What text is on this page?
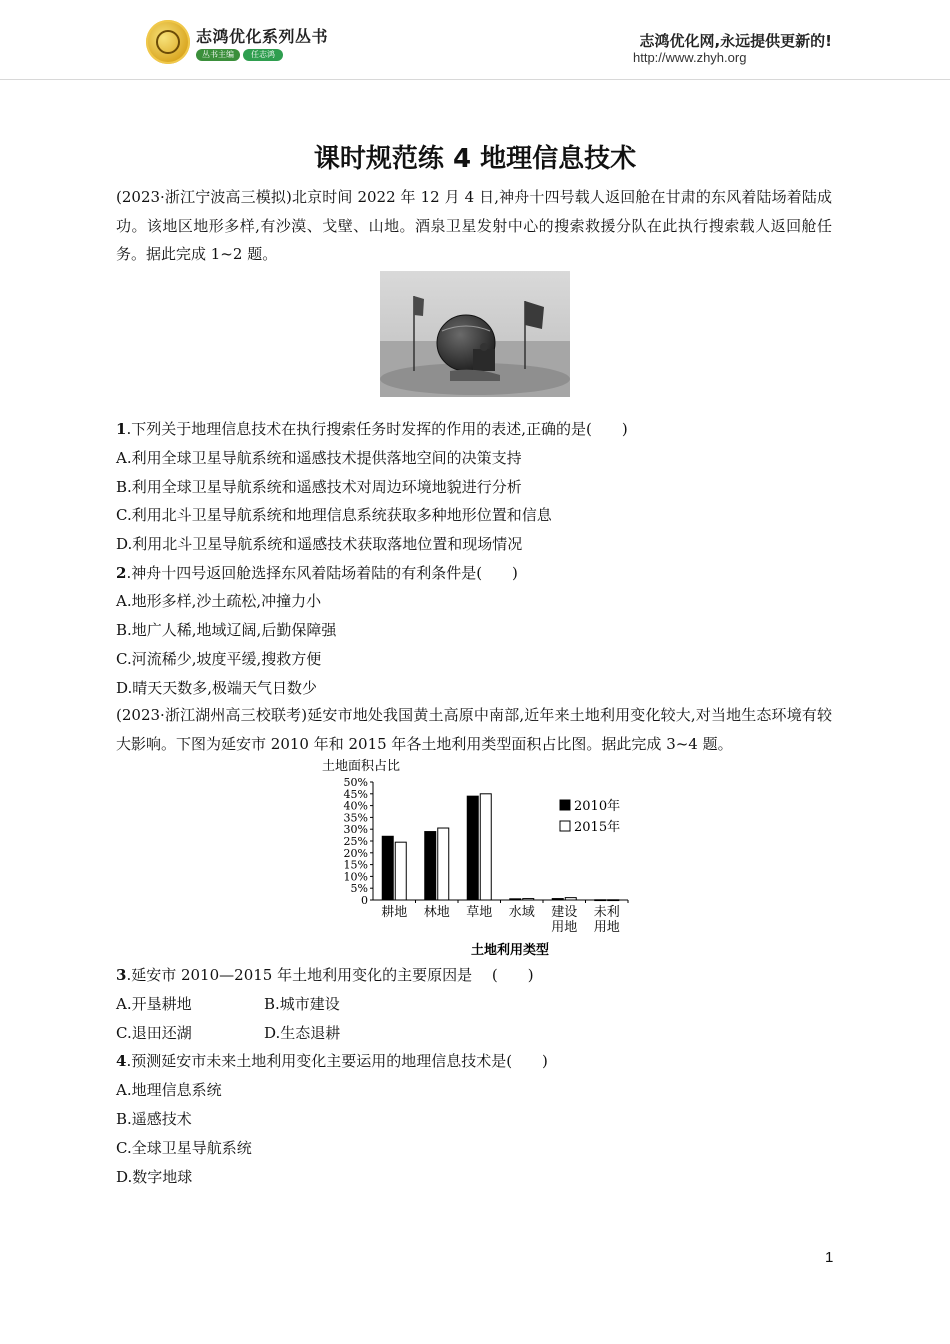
志鸿优化系列丛书
丛书主编	任志鸿
志鸿优化网,永远提供更新的!
http://www.zhyh.org
课时规范练 4 地理信息技术
(2023·浙江宁波高三模拟)北京时间 2022 年 12 月 4 日,神舟十四号载人返回舱在甘肃的东风着陆场着陆成功。该地区地形多样,有沙漠、戈壁、山地。酒泉卫星发射中心的搜索救援分队在此执行搜索载人返回舱任务。据此完成 1~2 题。
1.下列关于地理信息技术在执行搜索任务时发挥的作用的表述,正确的是(　　)
A.利用全球卫星导航系统和遥感技术提供落地空间的决策支持
B.利用全球卫星导航系统和遥感技术对周边环境地貌进行分析
C.利用北斗卫星导航系统和地理信息系统获取多种地形位置和信息
D.利用北斗卫星导航系统和遥感技术获取落地位置和现场情况
2.神舟十四号返回舱选择东风着陆场着陆的有利条件是(　　)
A.地形多样,沙土疏松,冲撞力小
B.地广人稀,地域辽阔,后勤保障强
C.河流稀少,坡度平缓,搜救方便
D.晴天天数多,极端天气日数少
(2023·浙江湖州高三校联考)延安市地处我国黄土高原中南部,近年来土地利用变化较大,对当地生态环境有较大影响。下图为延安市 2010 年和 2015 年各土地利用类型面积占比图。据此完成 3~4 题。
土地面积占比
土地利用类型
0
5%
10%
15%
20%
25%
30%
35%
40%
45%
50%
耕地 林地 草地 水域 建设
用地
未利
用地
2010年
2015年
3.延安市 2010—2015 年土地利用变化的主要原因是　 (　　)
A.开垦耕地	B.城市建设
C.退田还湖	D.生态退耕
4.预测延安市未来土地利用变化主要运用的地理信息技术是(　　)
A.地理信息系统
B.遥感技术
C.全球卫星导航系统
D.数字地球
1
